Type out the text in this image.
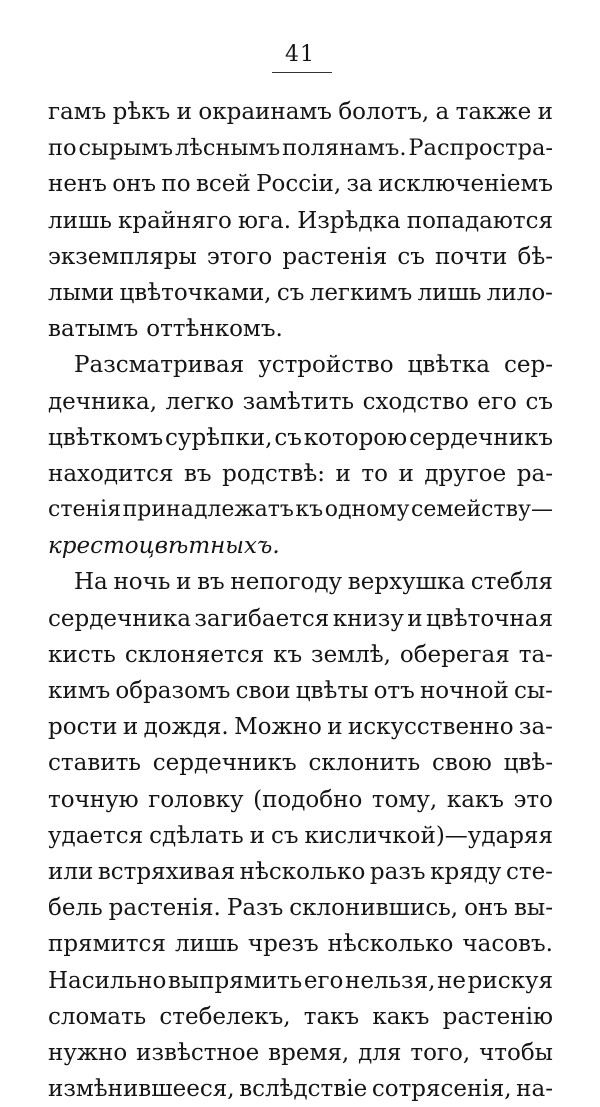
41
гамъ рѣкъ и окраинамъ болотъ, а также и
по сырымъ лѣснымъ полянамъ. Распростра-
ненъ онъ по всей Россіи, за исключеніемъ
лишь крайняго юга. Изрѣдка попадаются
экземпляры этого растенія съ почти бѣ-
лыми цвѣточками, съ легкимъ лишь лило-
ватымъ оттѣнкомъ.
Разсматривая устройство цвѣтка сер-
дечника, легко замѣтить сходство его съ
цвѣткомъ сурѣпки, съ которою сердечникъ
находится въ родствѣ: и то и другое ра-
стенія принадлежатъ къ одному семейству—
крестоцвѣтныхъ.
На ночь и въ непогоду верхушка стебля
сердечника загибается книзу и цвѣточная
кисть склоняется къ землѣ, оберегая та-
кимъ образомъ свои цвѣты отъ ночной сы-
рости и дождя. Можно и искусственно за-
ставить сердечникъ склонить свою цвѣ-
точную головку (подобно тому, какъ это
удается сдѣлать и съ кисличкой)—ударяя
или встряхивая нѣсколько разъ кряду сте-
бель растенія. Разъ склонившись, онъ вы-
прямится лишь чрезъ нѣсколько часовъ.
Насильно выпрямить его нельзя, не рискуя
сломать стебелекъ, такъ какъ растенію
нужно извѣстное время, для того, чтобы
измѣнившееся, вслѣдствіе сотрясенія, на-
